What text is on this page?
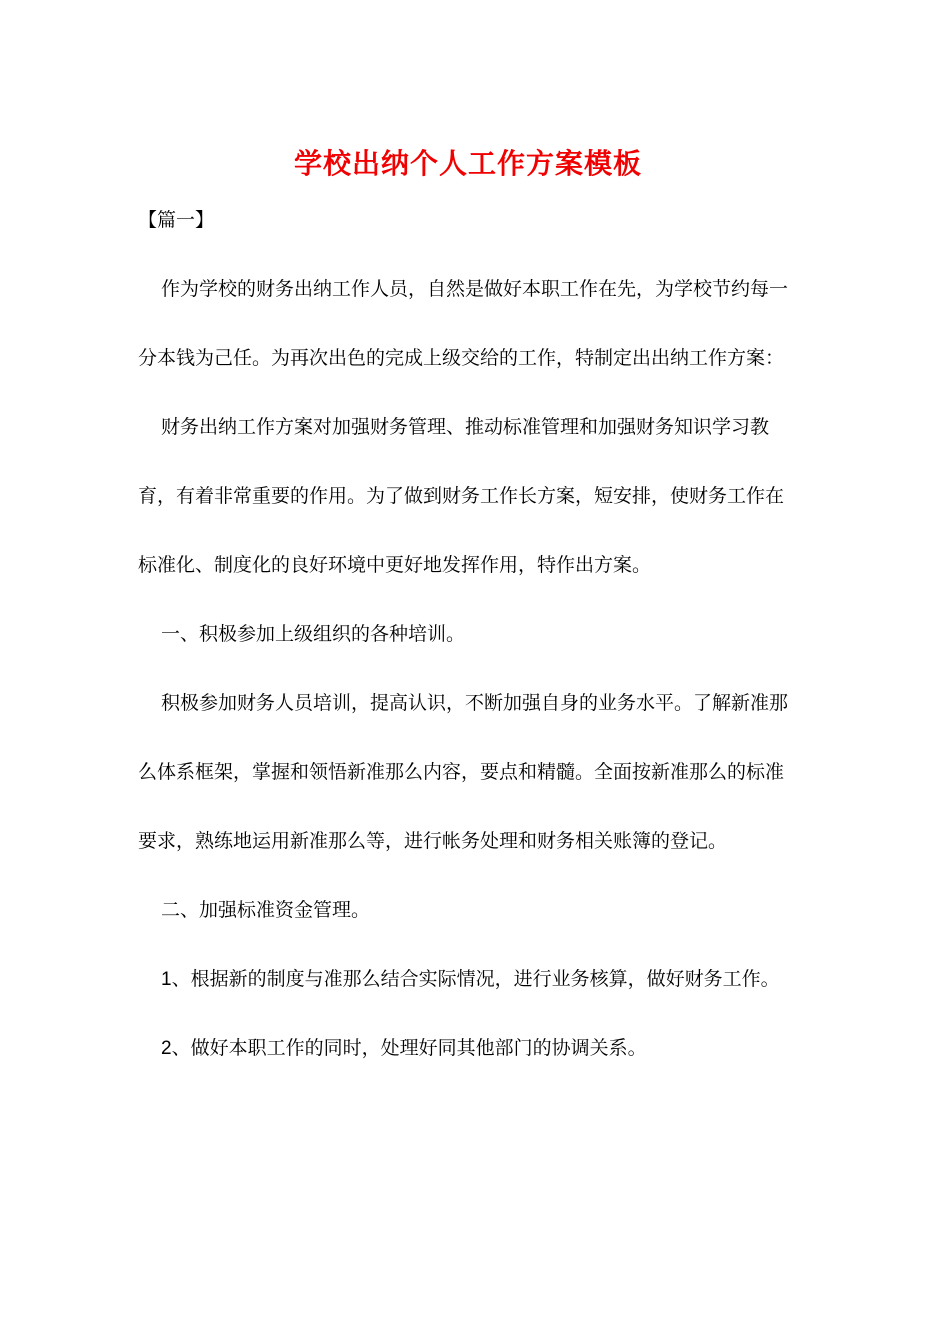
学校出纳个人工作方案模板

【篇一】

作为学校的财务出纳工作人员，自然是做好本职工作在先，为学校节约每一分本钱为己任。为再次出色的完成上级交给的工作，特制定出出纳工作方案：

财务出纳工作方案对加强财务管理、推动标准管理和加强财务知识学习教育，有着非常重要的作用。为了做到财务工作长方案，短安排，使财务工作在标准化、制度化的良好环境中更好地发挥作用，特作出方案。

一、积极参加上级组织的各种培训。

积极参加财务人员培训，提高认识，不断加强自身的业务水平。了解新准那么体系框架，掌握和领悟新准那么内容，要点和精髓。全面按新准那么的标准要求，熟练地运用新准那么等，进行帐务处理和财务相关账簿的登记。

二、加强标准资金管理。

1、根据新的制度与准那么结合实际情况，进行业务核算，做好财务工作。

2、做好本职工作的同时，处理好同其他部门的协调关系。
